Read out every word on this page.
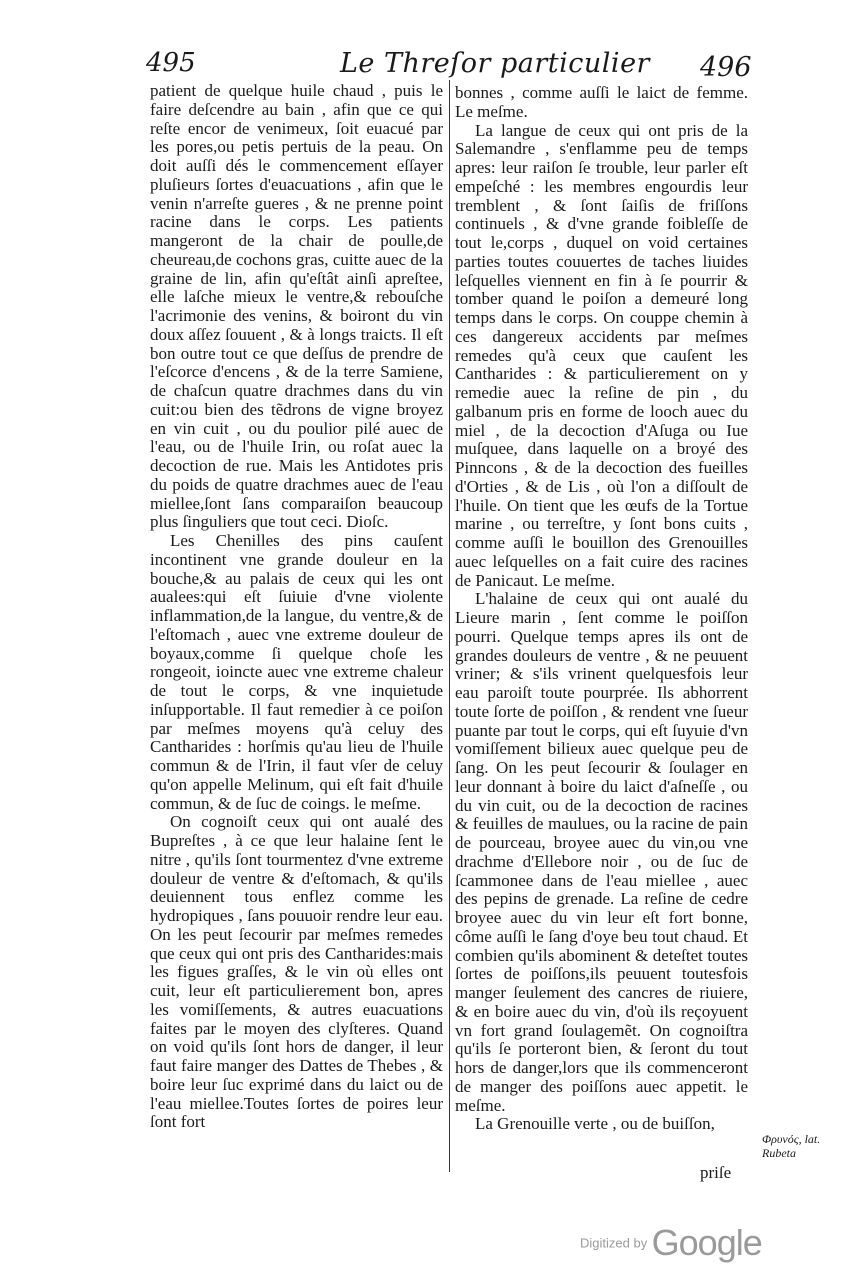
495	Le Threſor particulier 496

patient de quelque huile chaud , puis le faire deſcendre au bain , afin que ce qui reſte encor de venimeux, ſoit euacué par les pores,ou petis pertuis de la peau. On doit auſſi dés le commencement eſſayer pluſieurs ſortes d'euacuations , afin que le venin n'arreſte gueres , & ne prenne point racine dans le corps. Les patients mangeront de la chair de poulle,de cheureau,de cochons gras, cuitte auec de la graine de lin, afin qu'eſtât ainſi apreſtee, elle laſche mieux le ventre,& rebouſche l'acrimonie des venins, & boiront du vin doux aſſez ſouuent , & à longs traicts. Il eſt bon outre tout ce que deſſus de prendre de l'eſcorce d'encens , & de la terre Samiene, de chaſcun quatre drachmes dans du vin cuit:ou bien des tẽdrons de vigne broyez en vin cuit , ou du poulior pilé auec de l'eau, ou de l'huile Irin, ou roſat auec la decoction de rue. Mais les Antidotes pris du poids de quatre drachmes auec de l'eau miellee,ſont ſans comparaiſon beaucoup plus ſinguliers que tout ceci. Dioſc.

Les Chenilles des pins cauſent incontinent vne grande douleur en la bouche,& au palais de ceux qui les ont aualees:qui eſt ſuiuie d'vne violente inflammation,de la langue, du ventre,& de l'eſtomach , auec vne extreme douleur de boyaux,comme ſi quelque choſe les rongeoit, ioincte auec vne extreme chaleur de tout le corps, & vne inquietude inſupportable. Il faut remedier à ce poiſon par meſmes moyens qu'à celuy des Cantharides : horſmis qu'au lieu de l'huile commun & de l'Irin, il faut vſer de celuy qu'on appelle Melinum, qui eſt fait d'huile commun, & de ſuc de coings. le meſme.

On cognoiſt ceux qui ont aualé des Bupreſtes , à ce que leur halaine ſent le nitre , qu'ils ſont tourmentez d'vne extreme douleur de ventre & d'eſtomach, & qu'ils deuiennent tous enflez comme les hydropiques , ſans pouuoir rendre leur eau. On les peut ſecourir par meſmes remedes que ceux qui ont pris des Cantharides:mais les figues graſſes, & le vin où elles ont cuit, leur eſt particulierement bon, apres les vomiſſements, & autres euacuations faites par le moyen des clyſteres. Quand on void qu'ils ſont hors de danger, il leur faut faire manger des Dattes de Thebes , & boire leur ſuc exprimé dans du laict ou de l'eau miellee.Toutes ſortes de poires leur ſont fort

bonnes , comme auſſi le laict de femme. Le meſme.

La langue de ceux qui ont pris de la Salemandre , s'enflamme peu de temps apres: leur raiſon ſe trouble, leur parler eſt empeſché : les membres engourdis leur tremblent , & ſont ſaiſis de friſſons continuels , & d'vne grande foibleſſe de tout le,corps , duquel on void certaines parties toutes couuertes de taches liuides leſquelles viennent en fin à ſe pourrir & tomber quand le poiſon a demeuré long temps dans le corps. On couppe chemin à ces dangereux accidents par meſmes remedes qu'à ceux que cauſent les Cantharides : & particulierement on y remedie auec la reſine de pin , du galbanum pris en forme de looch auec du miel , de la decoction d'Aſuga ou Iue muſquee, dans laquelle on a broyé des Pinncons , & de la decoction des fueilles d'Orties , & de Lis , où l'on a diſſoult de l'huile. On tient que les œufs de la Tortue marine , ou terreſtre, y ſont bons cuits , comme auſſi le bouillon des Grenouilles auec leſquelles on a fait cuire des racines de Panicaut. Le meſme.

L'halaine de ceux qui ont aualé du Lieure marin , ſent comme le poiſſon pourri. Quelque temps apres ils ont de grandes douleurs de ventre , & ne peuuent vriner; & s'ils vrinent quelquesfois leur eau paroiſt toute pourprée. Ils abhorrent toute ſorte de poiſſon , & rendent vne ſueur puante par tout le corps, qui eſt ſuyuie d'vn vomiſſement bilieux auec quelque peu de ſang. On les peut ſecourir & ſoulager en leur donnant à boire du laict d'aſneſſe , ou du vin cuit, ou de la decoction de racines & feuilles de maulues, ou la racine de pain de pourceau, broyee auec du vin,ou vne drachme d'Ellebore noir , ou de ſuc de ſcammonee dans de l'eau miellee , auec des pepins de grenade. La reſine de cedre broyee auec du vin leur eſt fort bonne, côme auſſi le ſang d'oye beu tout chaud. Et combien qu'ils abominent & deteſtet toutes ſortes de poiſſons,ils peuuent toutesfois manger ſeulement des cancres de riuiere, & en boire auec du vin, d'où ils reçoyuent vn fort grand ſoulagemẽt. On cognoiſtra qu'ils ſe porteront bien, & ſeront du tout hors de danger,lors que ils commenceront de manger des poiſſons auec appetit. le meſme.

La Grenouille verte , ou de buiſſon,

Φρυνός, lat. Rubeta
priſe
Digitized by Google
